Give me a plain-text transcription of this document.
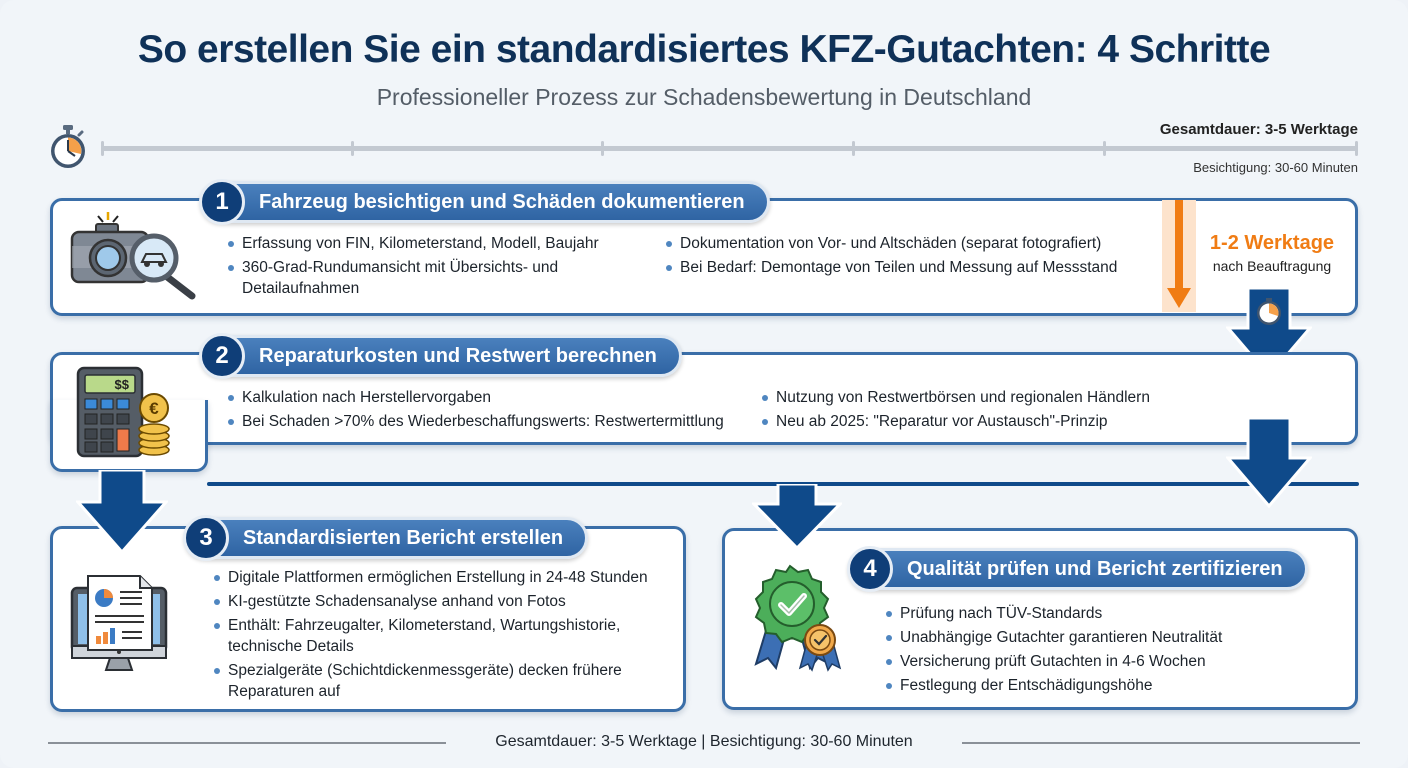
So erstellen Sie ein standardisiertes KFZ-Gutachten: 4 Schritte
Professioneller Prozess zur Schadensbewertung in Deutschland
Gesamtdauer: 3-5 Werktage
Besichtigung: 30-60 Minuten
1	Fahrzeug besichtigen und Schäden dokumentieren
Erfassung von FIN, Kilometerstand, Modell, Baujahr
360-Grad-Rundumansicht mit Übersichts- und Detailaufnahmen
Dokumentation von Vor- und Altschäden (separat fotografiert)
Bei Bedarf: Demontage von Teilen und Messung auf Messstand
1-2 Werktage
nach Beauftragung
2	Reparaturkosten und Restwert berechnen
$$
€
Kalkulation nach Herstellervorgaben
Bei Schaden >70% des Wiederbeschaffungswerts: Restwertermittlung
Nutzung von Restwertbörsen und regionalen Händlern
Neu ab 2025: "Reparatur vor Austausch"-Prinzip
3	Standardisierten Bericht erstellen
Digitale Plattformen ermöglichen Erstellung in 24-48 Stunden
KI-gestützte Schadensanalyse anhand von Fotos
Enthält: Fahrzeugalter, Kilometerstand, Wartungshistorie, technische Details
Spezialgeräte (Schichtdickenmessgeräte) decken frühere Reparaturen auf
4	Qualität prüfen und Bericht zertifizieren
Prüfung nach TÜV-Standards
Unabhängige Gutachter garantieren Neutralität
Versicherung prüft Gutachten in 4-6 Wochen
Festlegung der Entschädigungshöhe
Gesamtdauer: 3-5 Werktage | Besichtigung: 30-60 Minuten
